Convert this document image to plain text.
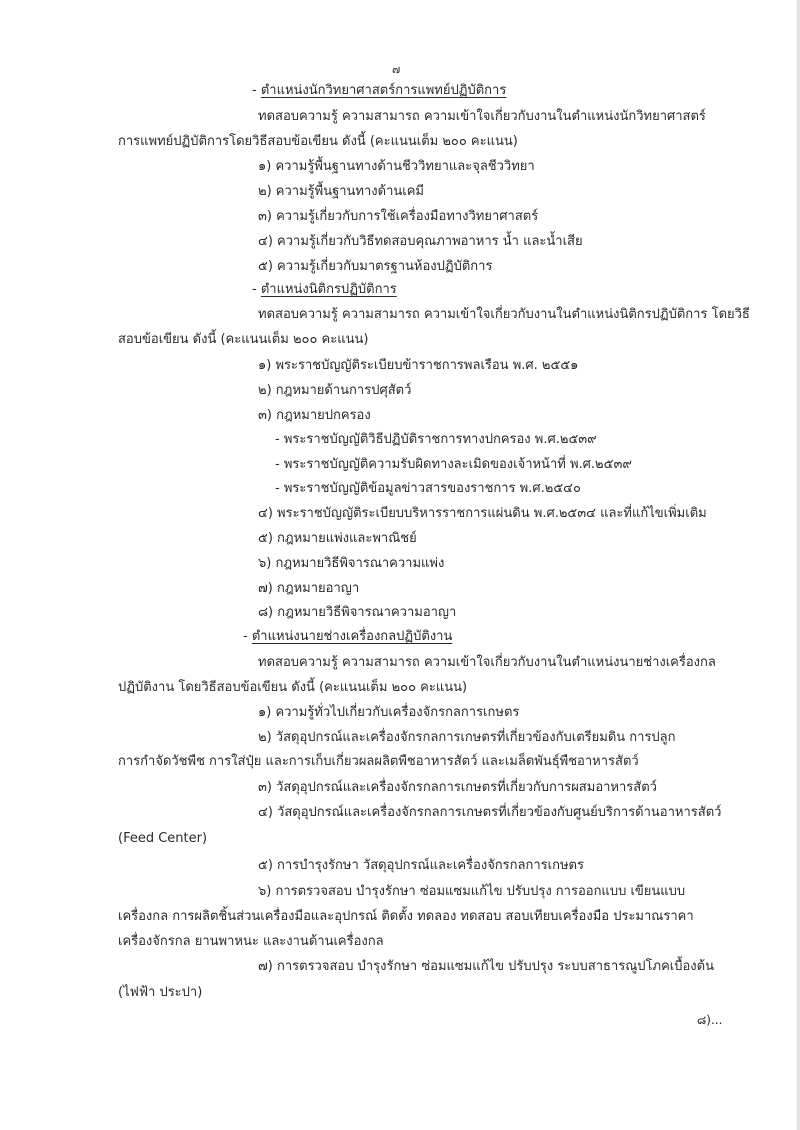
๗
- ตำแหน่งนักวิทยาศาสตร์การแพทย์ปฏิบัติการ
ทดสอบความรู้ ความสามารถ ความเข้าใจเกี่ยวกับงานในตำแหน่งนักวิทยาศาสตร์
การแพทย์ปฏิบัติการโดยวิธีสอบข้อเขียน ดังนี้ (คะแนนเต็ม ๒๐๐ คะแนน)
๑) ความรู้พื้นฐานทางด้านชีววิทยาและจุลชีววิทยา
๒) ความรู้พื้นฐานทางด้านเคมี
๓) ความรู้เกี่ยวกับการใช้เครื่องมือทางวิทยาศาสตร์
๔) ความรู้เกี่ยวกับวิธีทดสอบคุณภาพอาหาร น้ำ และน้ำเสีย
๕) ความรู้เกี่ยวกับมาตรฐานห้องปฏิบัติการ
- ตำแหน่งนิติกรปฏิบัติการ
ทดสอบความรู้ ความสามารถ ความเข้าใจเกี่ยวกับงานในตำแหน่งนิติกรปฏิบัติการ โดยวิธี
สอบข้อเขียน ดังนี้ (คะแนนเต็ม ๒๐๐ คะแนน)
๑) พระราชบัญญัติระเบียบข้าราชการพลเรือน พ.ศ. ๒๕๕๑
๒) กฎหมายด้านการปศุสัตว์
๓) กฎหมายปกครอง
- พระราชบัญญัติวิธีปฏิบัติราชการทางปกครอง พ.ศ.๒๕๓๙
- พระราชบัญญัติความรับผิดทางละเมิดของเจ้าหน้าที่ พ.ศ.๒๕๓๙
- พระราชบัญญัติข้อมูลข่าวสารของราชการ พ.ศ.๒๕๔๐
๔) พระราชบัญญัติระเบียบบริหารราชการแผ่นดิน พ.ศ.๒๕๓๔ และที่แก้ไขเพิ่มเติม
๕) กฎหมายแพ่งและพาณิชย์
๖) กฎหมายวิธีพิจารณาความแพ่ง
๗) กฎหมายอาญา
๘) กฎหมายวิธีพิจารณาความอาญา
- ตำแหน่งนายช่างเครื่องกลปฏิบัติงาน
ทดสอบความรู้ ความสามารถ ความเข้าใจเกี่ยวกับงานในตำแหน่งนายช่างเครื่องกล
ปฏิบัติงาน โดยวิธีสอบข้อเขียน ดังนี้ (คะแนนเต็ม ๒๐๐ คะแนน)
๑) ความรู้ทั่วไปเกี่ยวกับเครื่องจักรกลการเกษตร
๒) วัสดุอุปกรณ์และเครื่องจักรกลการเกษตรที่เกี่ยวข้องกับเตรียมดิน การปลูก
การกำจัดวัชพืช การใส่ปุ๋ย และการเก็บเกี่ยวผลผลิตพืชอาหารสัตว์ และเมล็ดพันธุ์พืชอาหารสัตว์
๓) วัสดุอุปกรณ์และเครื่องจักรกลการเกษตรที่เกี่ยวกับการผสมอาหารสัตว์
๔) วัสดุอุปกรณ์และเครื่องจักรกลการเกษตรที่เกี่ยวข้องกับศูนย์บริการด้านอาหารสัตว์
(Feed Center)
๕) การบำรุงรักษา วัสดุอุปกรณ์และเครื่องจักรกลการเกษตร
๖) การตรวจสอบ บำรุงรักษา ซ่อมแซมแก้ไข ปรับปรุง การออกแบบ เขียนแบบ
เครื่องกล การผลิตชิ้นส่วนเครื่องมือและอุปกรณ์ ติดตั้ง ทดลอง ทดสอบ สอบเทียบเครื่องมือ ประมาณราคา
เครื่องจักรกล ยานพาหนะ และงานด้านเครื่องกล
๗) การตรวจสอบ บำรุงรักษา ซ่อมแซมแก้ไข ปรับปรุง ระบบสาธารณูปโภคเบื้องต้น
(ไฟฟ้า ประปา)
๘)...
